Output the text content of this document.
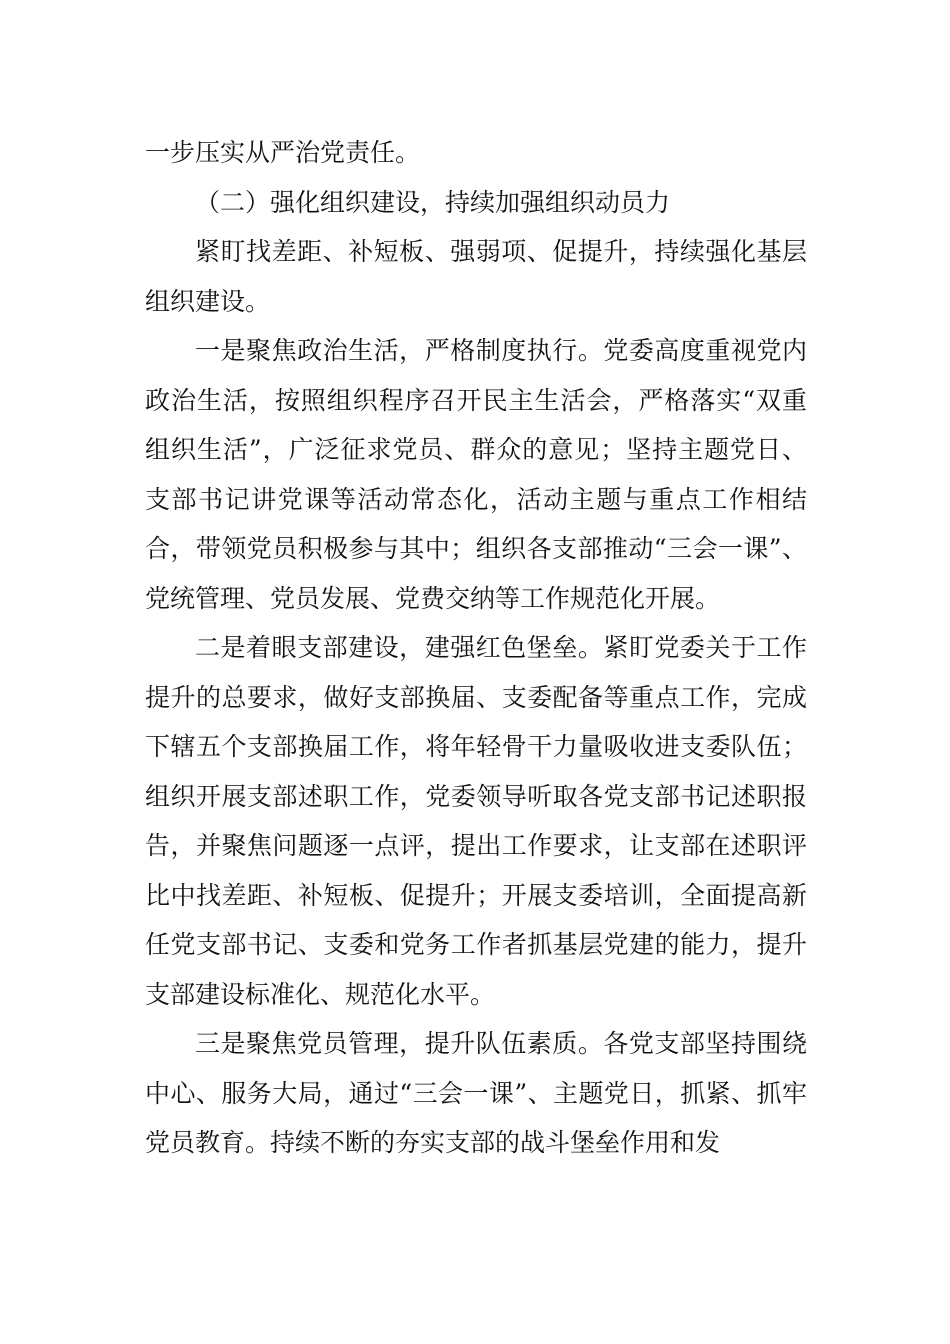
一步压实从严治党责任。

（二）强化组织建设，持续加强组织动员力

紧盯找差距、补短板、强弱项、促提升，持续强化基层组织建设。

一是聚焦政治生活，严格制度执行。党委高度重视党内政治生活，按照组织程序召开民主生活会，严格落实“双重组织生活”，广泛征求党员、群众的意见；坚持主题党日、支部书记讲党课等活动常态化，活动主题与重点工作相结合，带领党员积极参与其中；组织各支部推动“三会一课”、党统管理、党员发展、党费交纳等工作规范化开展。

二是着眼支部建设，建强红色堡垒。紧盯党委关于工作提升的总要求，做好支部换届、支委配备等重点工作，完成下辖五个支部换届工作，将年轻骨干力量吸收进支委队伍；组织开展支部述职工作，党委领导听取各党支部书记述职报告，并聚焦问题逐一点评，提出工作要求，让支部在述职评比中找差距、补短板、促提升；开展支委培训，全面提高新任党支部书记、支委和党务工作者抓基层党建的能力，提升支部建设标准化、规范化水平。

三是聚焦党员管理，提升队伍素质。各党支部坚持围绕中心、服务大局，通过“三会一课”、主题党日，抓紧、抓牢党员教育。持续不断的夯实支部的战斗堡垒作用和发
